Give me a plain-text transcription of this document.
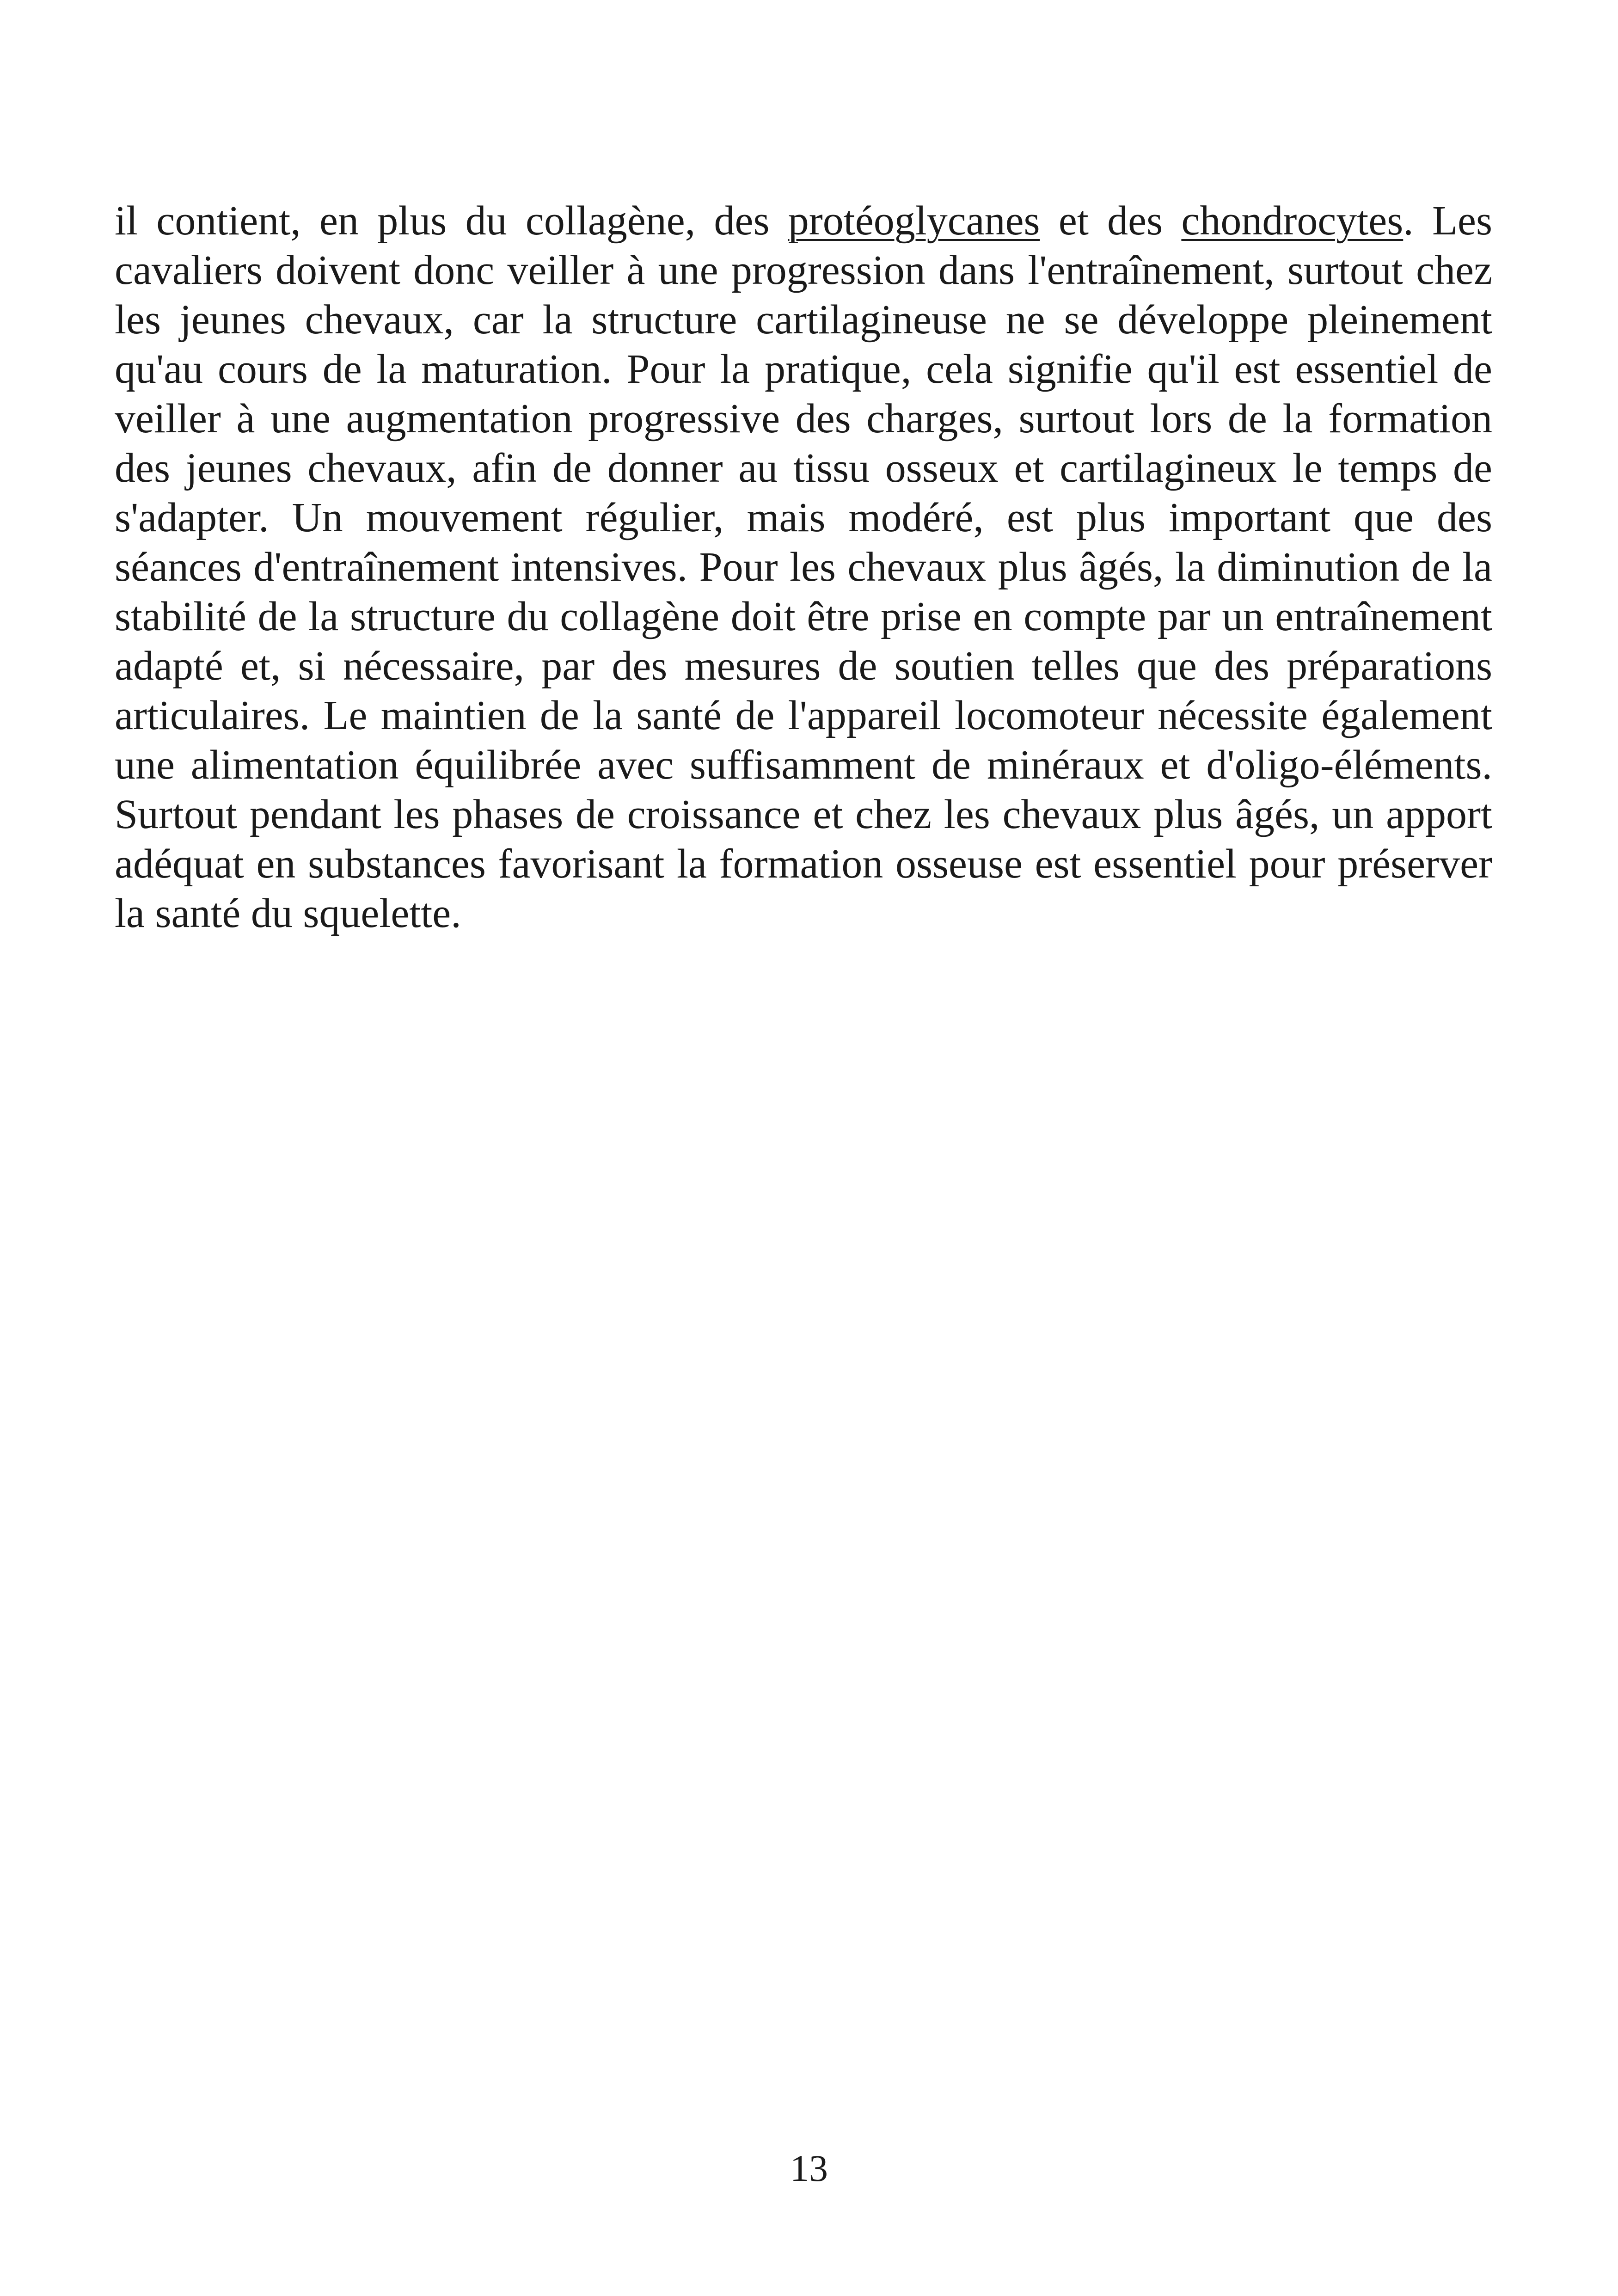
il contient, en plus du collagène, des protéoglycanes et des chondrocytes. Les cavaliers doivent donc veiller à une progression dans l'entraînement, surtout chez les jeunes chevaux, car la structure cartilagineuse ne se développe pleinement qu'au cours de la maturation. Pour la pratique, cela signifie qu'il est essentiel de veiller à une augmentation progressive des charges, surtout lors de la formation des jeunes chevaux, afin de donner au tissu osseux et cartilagineux le temps de s'adapter. Un mouvement régulier, mais modéré, est plus important que des séances d'entraînement intensives. Pour les chevaux plus âgés, la diminution de la stabilité de la structure du collagène doit être prise en compte par un entraînement adapté et, si nécessaire, par des mesures de soutien telles que des préparations articulaires. Le maintien de la santé de l'appareil locomoteur nécessite également une alimentation équilibrée avec suffisamment de minéraux et d'oligo-éléments. Surtout pendant les phases de croissance et chez les chevaux plus âgés, un apport adéquat en substances favorisant la formation osseuse est essentiel pour préserver la santé du squelette.

13
